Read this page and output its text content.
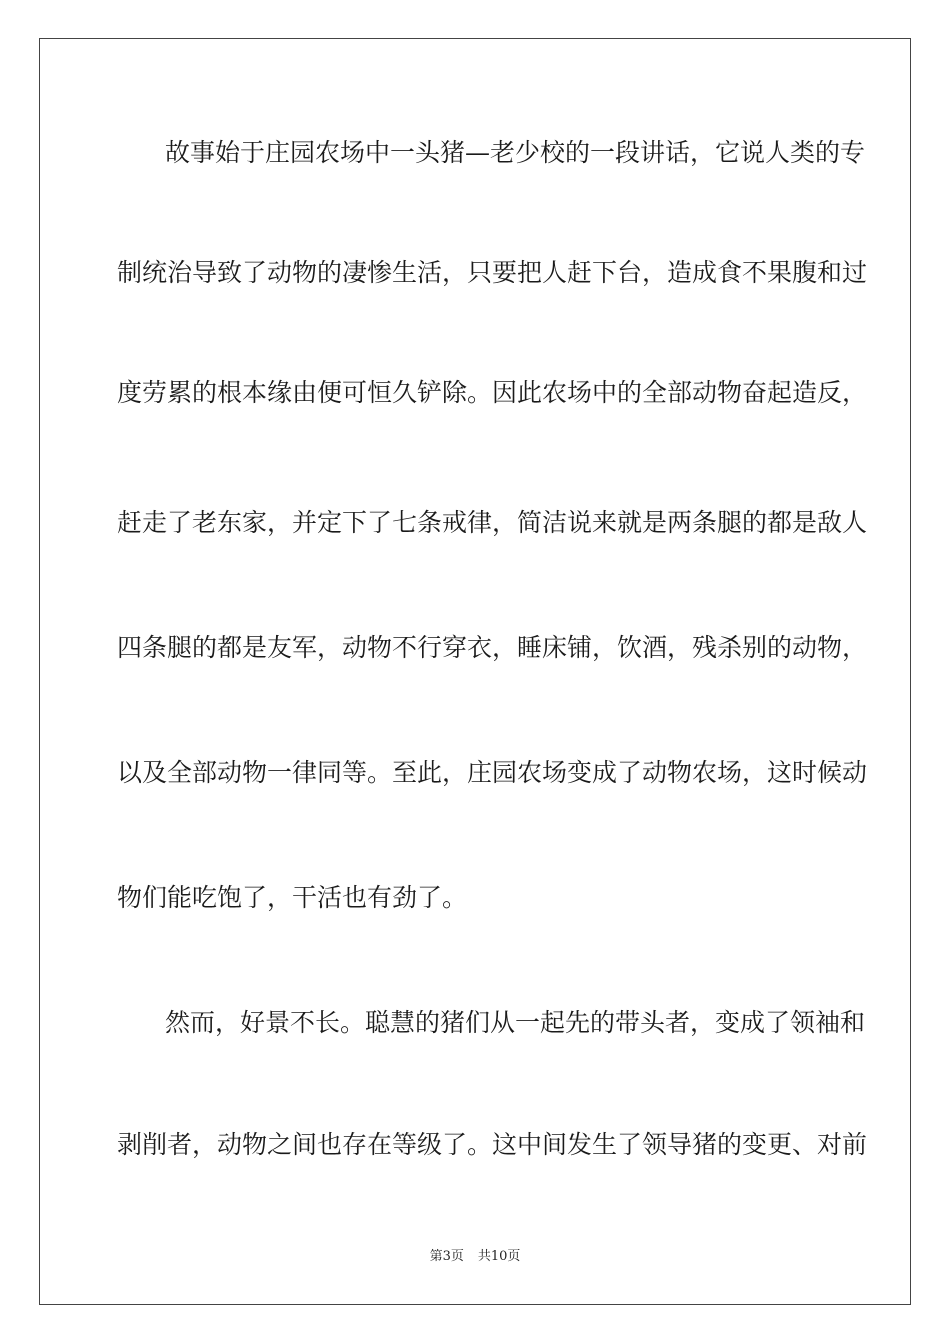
故事始于庄园农场中一头猪—老少校的一段讲话，它说人类的专
制统治导致了动物的凄惨生活，只要把人赶下台，造成食不果腹和过
度劳累的根本缘由便可恒久铲除。因此农场中的全部动物奋起造反，
赶走了老东家，并定下了七条戒律，简洁说来就是两条腿的都是敌人
四条腿的都是友军，动物不行穿衣，睡床铺，饮酒，残杀别的动物，
以及全部动物一律同等。至此，庄园农场变成了动物农场，这时候动
物们能吃饱了，干活也有劲了。
然而，好景不长。聪慧的猪们从一起先的带头者，变成了领袖和
剥削者，动物之间也存在等级了。这中间发生了领导猪的变更、对前
第3页 共10页
